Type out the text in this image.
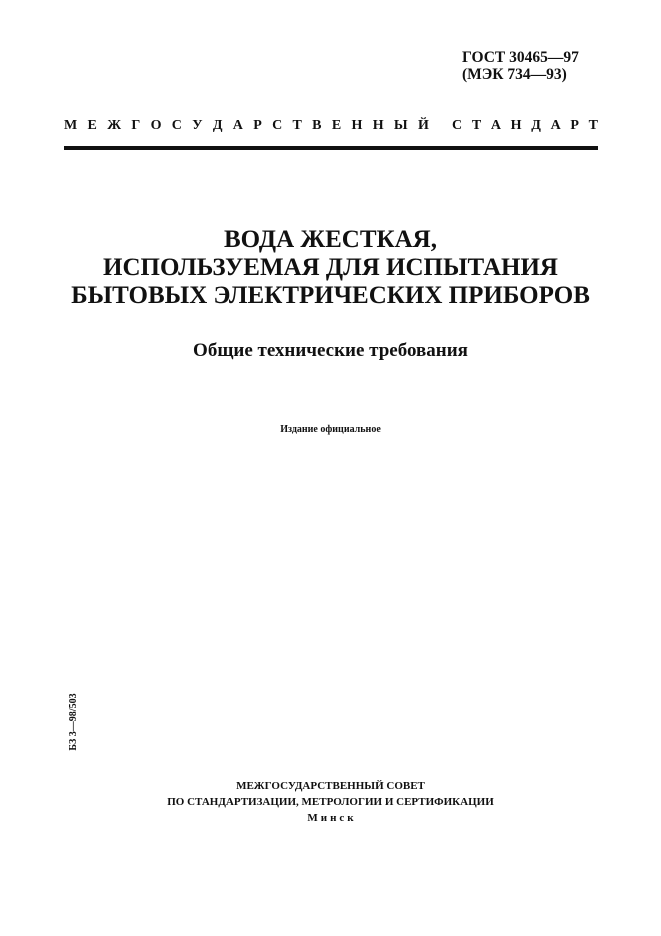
ГОСТ 30465—97
(МЭК 734—93)
М Е Ж Г О С У Д А Р С Т В Е Н Н Ы Й С Т А Н Д А Р Т
ВОДА ЖЕСТКАЯ,
ИСПОЛЬЗУЕМАЯ ДЛЯ ИСПЫТАНИЯ
БЫТОВЫХ ЭЛЕКТРИЧЕСКИХ ПРИБОРОВ
Общие технические требования
Издание официальное
БЗ 3—98/503
МЕЖГОСУДАРСТВЕННЫЙ СОВЕТ
ПО СТАНДАРТИЗАЦИИ, МЕТРОЛОГИИ И СЕРТИФИКАЦИИ
Минск
